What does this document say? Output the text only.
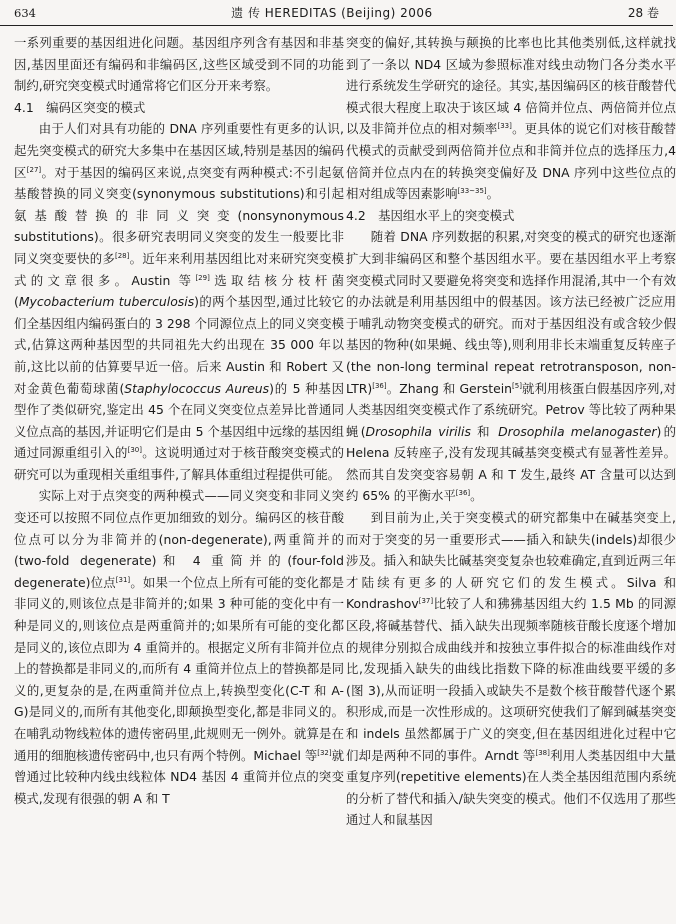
634	遗 传 HEREDITAS (Beijing) 2006	28 卷

一系列重要的基因组进化问题。基因组序列含有基因和非基因,基因里面还有编码和非编码区,这些区域受到不同的功能制约,研究突变模式时通常将它们区分开来考察。

4.1 编码区突变的模式

由于人们对具有功能的 DNA 序列重要性有更多的认识,起先突变模式的研究大多集中在基因区域,特别是基因的编码区[27]。对于基因的编码区来说,点突变有两种模式:不引起氨基酸替换的同义突变(synonymous substitutions)和引起氨基酸替换的非同义突变(nonsynonymous substitutions)。很多研究表明同义突变的发生一般要比非同义突变要快的多[28]。近年来利用基因组比对来研究突变模式的文章很多。Austin 等[29]选取结核分枝杆菌(Mycobacterium tuberculosis)的两个基因型,通过比较它们全基因组内编码蛋白的 3 298 个同源位点上的同义突变模式,估算这两种基因型的共同祖先大约出现在 35 000 年以前,这比以前的估算要早近一倍。后来 Austin 和 Robert 又对金黄色葡萄球菌(Staphylococcus Aureus)的 5 种基因型作了类似研究,鉴定出 45 个在同义突变位点差异比普通同义位点高的基因,并证明它们是由 5 个基因组中远缘的基因组通过同源重组引入的[30]。这说明通过对于核苷酸突变模式的研究可以为重现相关重组事件,了解具体重组过程提供可能。

实际上对于点突变的两种模式——同义突变和非同义突变还可以按照不同位点作更加细致的划分。编码区的核苷酸位点可以分为非简并的(non-degenerate),两重简并的(two-fold degenerate)和 4 重简并的(four-fold degenerate)位点[31]。如果一个位点上所有可能的变化都是非同义的,则该位点是非简并的;如果 3 种可能的变化中有一种是同义的,则该位点是两重简并的;如果所有可能的变化都是同义的,该位点即为 4 重简并的。根据定义所有非简并位点上的替换都是非同义的,而所有 4 重简并位点上的替换都是同义的,更复杂的是,在两重简并位点上,转换型变化(C-T 和 A-G)是同义的,而所有其他变化,即颠换型变化,都是非同义的。在哺乳动物线粒体的遗传密码里,此规则无一例外。就算是在通用的细胞核遗传密码中,也只有两个特例。Michael 等[32]就曾通过比较种内线虫线粒体 ND4 基因 4 重简并位点的突变模式,发现有很强的朝 A 和 T

突变的偏好,其转换与颠换的比率也比其他类别低,这样就找到了一条以 ND4 区域为参照标准对线虫动物门各分类水平进行系统发生学研究的途径。其实,基因编码区的核苷酸替代模式很大程度上取决于该区域 4 倍简并位点、两倍简并位点以及非简并位点的相对频率[33]。更具体的说它们对核苷酸替代模式的贡献受到两倍简并位点和非简并位点的选择压力,4 倍简并位点内在的转换突变偏好及 DNA 序列中这些位点的相对组成等因素影响[33~35]。

4.2 基因组水平上的突变模式

随着 DNA 序列数据的积累,对突变的模式的研究也逐渐扩大到非编码区和整个基因组水平。要在基因组水平上考察突变模式同时又要避免将突变和选择作用混淆,其中一个有效的办法就是利用基因组中的假基因。该方法已经被广泛应用于哺乳动物突变模式的研究。而对于基因组没有或含较少假基因的物种(如果蝇、线虫等),则利用非长末端重复反转座子(the non-long terminal repeat retrotransposon, non-LTR)[36]。Zhang 和 Gerstein[5]就利用核蛋白假基因序列,对人类基因组突变模式作了系统研究。Petrov 等比较了两种果蝇(Drosophila virilis 和 Drosophila melanogaster)的 Helena 反转座子,没有发现其碱基突变模式有显著性差异。然而其自发突变容易朝 A 和 T 发生,最终 AT 含量可以达到约 65% 的平衡水平[36]。

到目前为止,关于突变模式的研究都集中在碱基突变上,而对于突变的另一重要形式——插入和缺失(indels)却很少涉及。插入和缺失比碱基突变复杂也较难确定,直到近两三年才陆续有更多的人研究它们的发生模式。Silva 和 Kondrashov[37]比较了人和狒狒基因组大约 1.5 Mb 的同源区段,将碱基替代、插入缺失出现频率随核苷酸长度逐个增加的规律分别拟合成曲线并和按独立事件拟合的标准曲线作对比,发现插入缺失的曲线比指数下降的标准曲线要平缓的多(图 3),从而证明一段插入或缺失不是数个核苷酸替代逐个累积形成,而是一次性形成的。这项研究使我们了解到碱基突变和 indels 虽然都属于广义的突变,但在基因组进化过程中它们却是两种不同的事件。Arndt 等[38]利用人类基因组中大量重复序列(repetitive elements)在人类全基因组范围内系统的分析了替代和插入/缺失突变的模式。他们不仅选用了那些通过人和鼠基因
